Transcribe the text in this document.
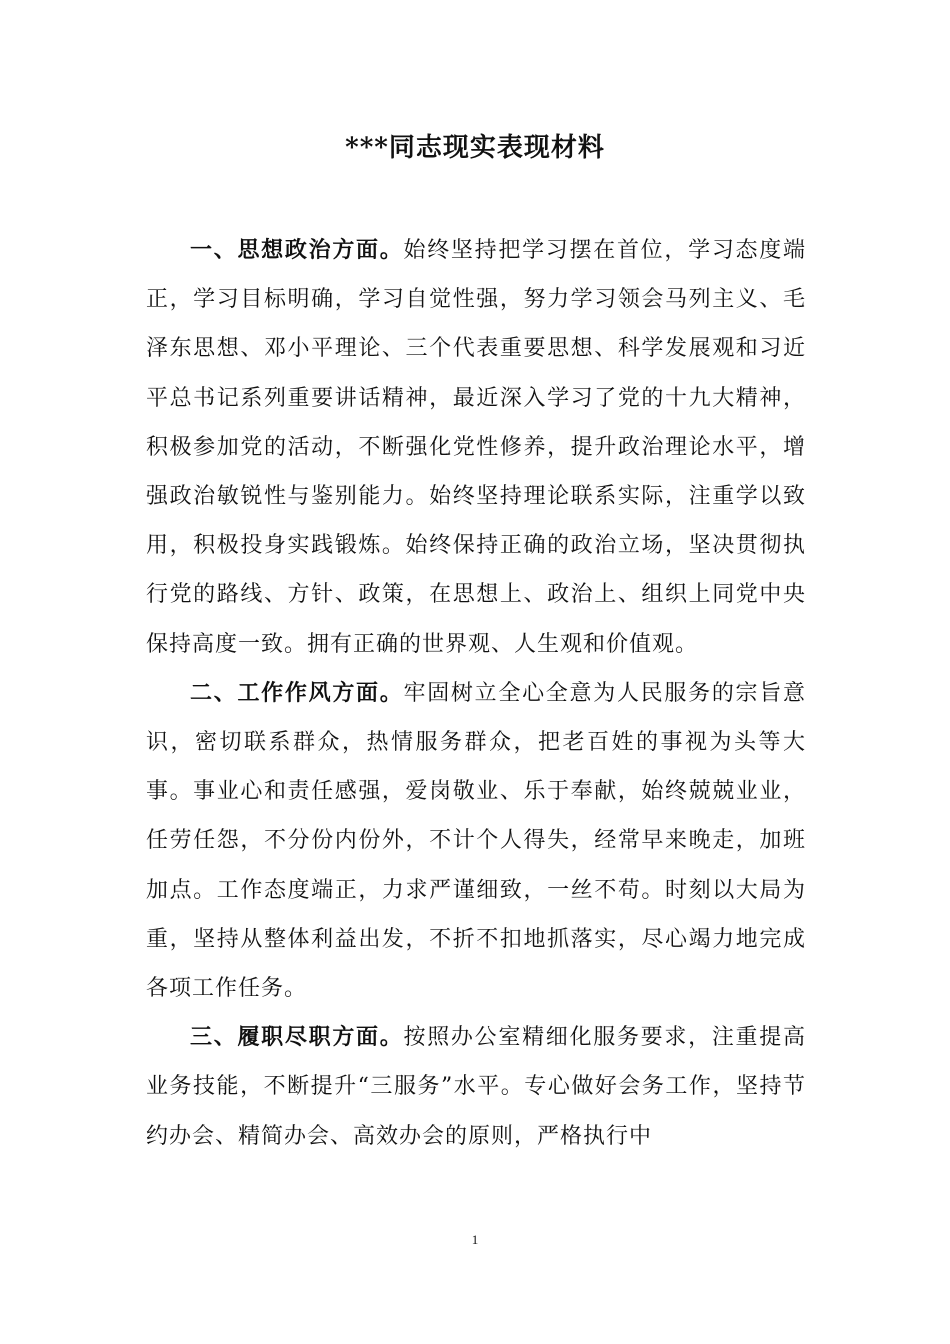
***同志现实表现材料

一、思想政治方面。始终坚持把学习摆在首位，学习态度端正，学习目标明确，学习自觉性强，努力学习领会马列主义、毛泽东思想、邓小平理论、三个代表重要思想、科学发展观和习近平总书记系列重要讲话精神，最近深入学习了党的十九大精神，积极参加党的活动，不断强化党性修养，提升政治理论水平，增强政治敏锐性与鉴别能力。始终坚持理论联系实际，注重学以致用，积极投身实践锻炼。始终保持正确的政治立场，坚决贯彻执行党的路线、方针、政策，在思想上、政治上、组织上同党中央保持高度一致。拥有正确的世界观、人生观和价值观。

二、工作作风方面。牢固树立全心全意为人民服务的宗旨意识，密切联系群众，热情服务群众，把老百姓的事视为头等大事。事业心和责任感强，爱岗敬业、乐于奉献，始终兢兢业业，任劳任怨，不分份内份外，不计个人得失，经常早来晚走，加班加点。工作态度端正，力求严谨细致，一丝不苟。时刻以大局为重，坚持从整体利益出发，不折不扣地抓落实，尽心竭力地完成各项工作任务。

三、履职尽职方面。按照办公室精细化服务要求，注重提高业务技能，不断提升“三服务”水平。专心做好会务工作，坚持节约办会、精简办会、高效办会的原则，严格执行中

1
